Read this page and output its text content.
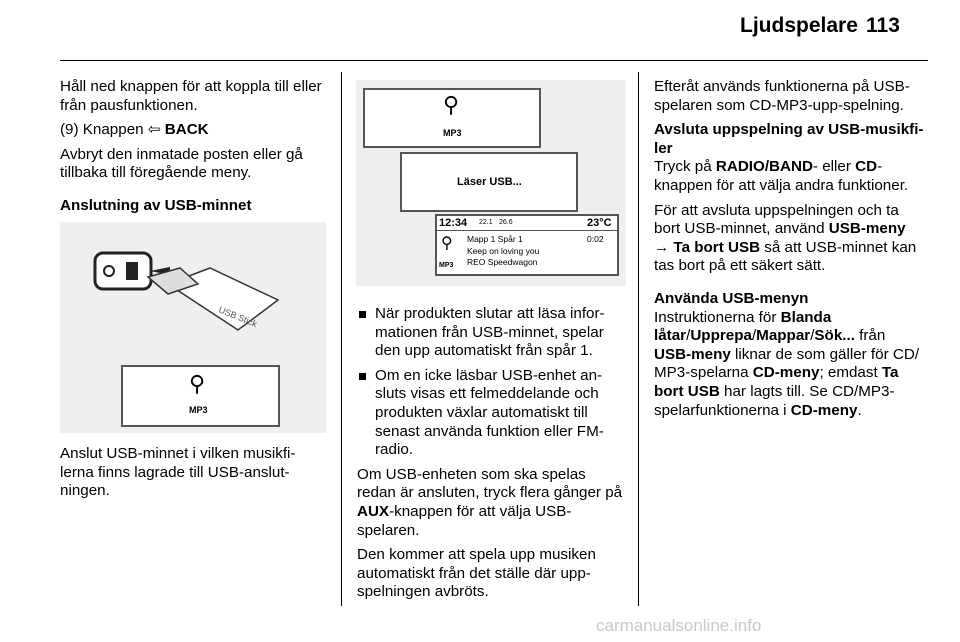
Ljudspelare 113

Håll ned knappen för att koppla till eller från pausfunktionen.

(9) Knappen ⇦ BACK

Avbryt den inmatade posten eller gå tillbaka till föregående meny.

Anslutning av USB-minnet
USB Stick
⚲
MP3

Anslut USB-minnet i vilken musikfi-lerna finns lagrade till USB-anslut-ningen.

⚲
MP3
Läser USB...
12:34 22.1 26.6	23°C
⚲
MP3
Mapp 1 Spår 1	0:02
Keep on loving you
REO Speedwagon

När produkten slutar att läsa infor-mationen från USB-minnet, spelar den upp automatiskt från spår 1.

Om en icke läsbar USB-enhet an-sluts visas ett felmeddelande och produkten växlar automatiskt till senast använda funktion eller FM-radio.

Om USB-enheten som ska spelas redan är ansluten, tryck flera gånger på AUX-knappen för att välja USB-spelaren.

Den kommer att spela upp musiken automatiskt från det ställe där upp-spelningen avbröts.

Efteråt används funktionerna på USB-spelaren som CD-MP3-upp-spelning.

Avsluta uppspelning av USB-musikfi-ler

Tryck på RADIO/BAND- eller CD-knappen för att välja andra funktioner.

För att avsluta uppspelningen och ta bort USB-minnet, använd USB-meny → Ta bort USB så att USB-minnet kan tas bort på ett säkert sätt.

Använda USB-menyn

Instruktionerna för Blanda låtar/Upprepa/Mappar/Sök... från USB-meny liknar de som gäller för CD/ MP3-spelarna CD-meny; emdast Ta bort USB har lagts till. Se CD/MP3-spelarfunktionerna i CD-meny.

carmanualsonline.info
